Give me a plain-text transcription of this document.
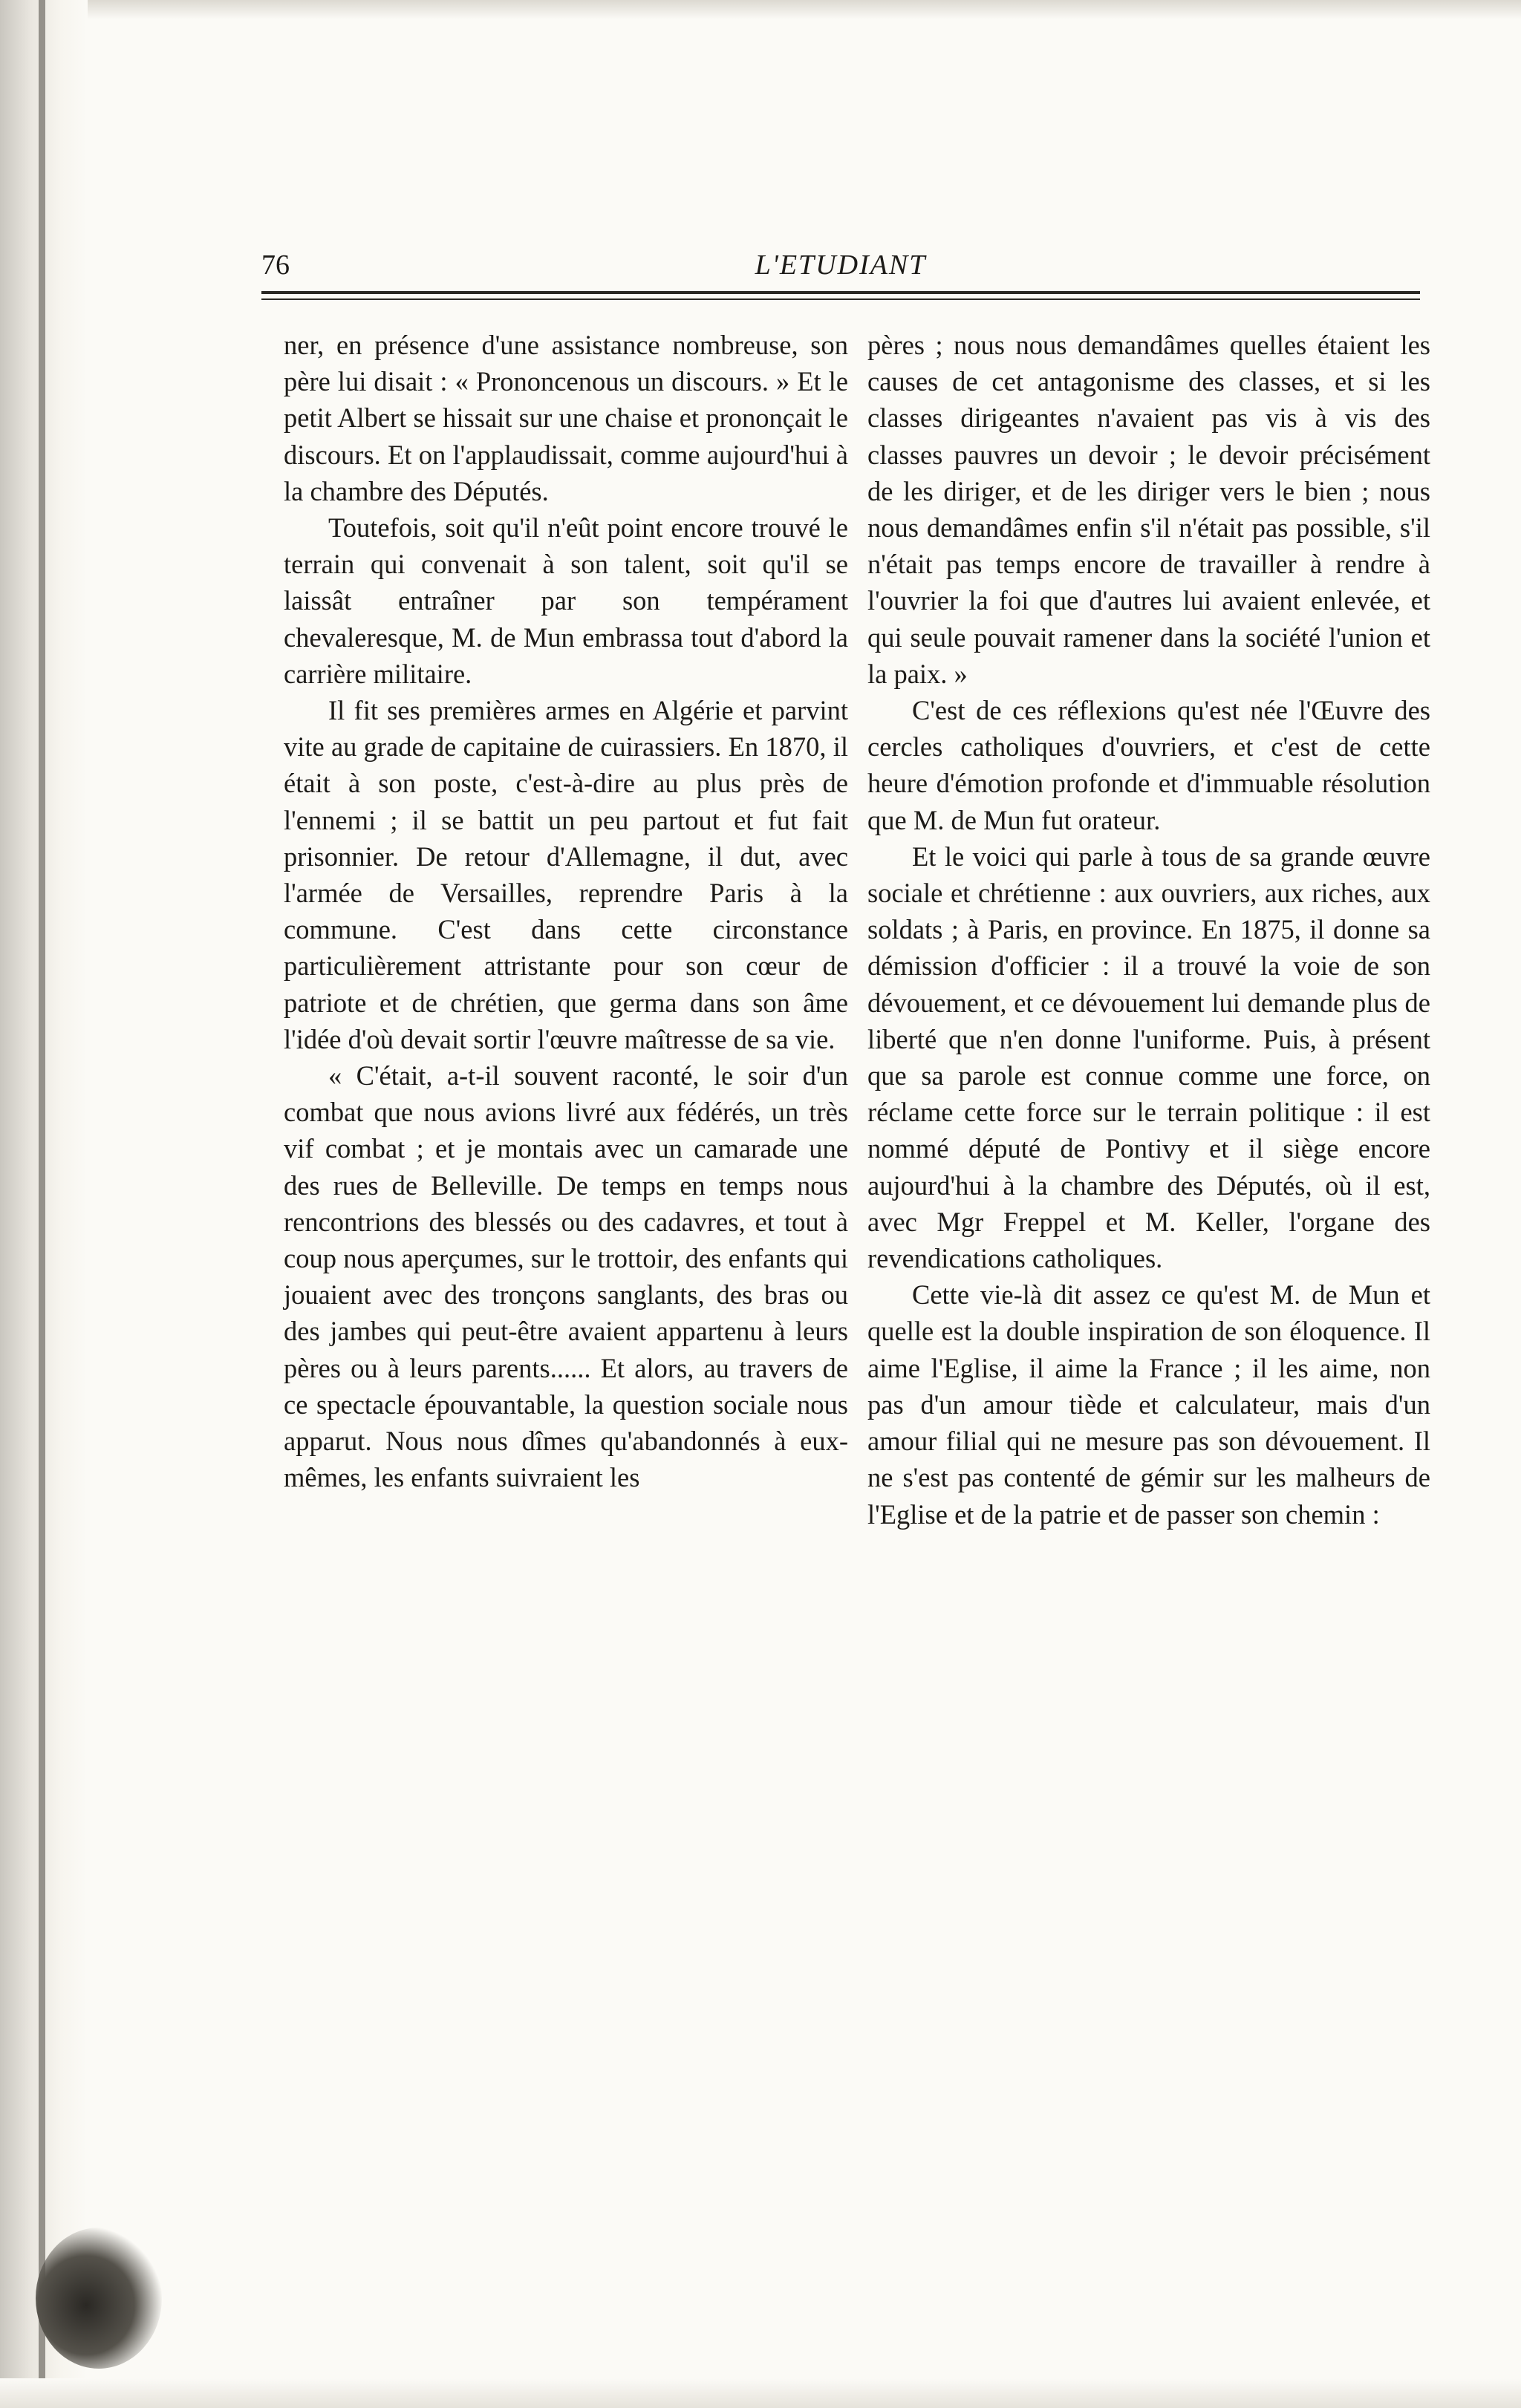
76	L'ETUDIANT

ner, en présence d'une assistance nombreuse, son père lui disait : « Prononcenous un discours. » Et le petit Albert se hissait sur une chaise et prononçait le discours. Et on l'applaudissait, comme aujourd'hui à la chambre des Députés.

Toutefois, soit qu'il n'eût point encore trouvé le terrain qui convenait à son talent, soit qu'il se laissât entraîner par son tempérament chevaleresque, M. de Mun embrassa tout d'abord la carrière militaire.

Il fit ses premières armes en Algérie et parvint vite au grade de capitaine de cuirassiers. En 1870, il était à son poste, c'est-à-dire au plus près de l'ennemi ; il se battit un peu partout et fut fait prisonnier. De retour d'Allemagne, il dut, avec l'armée de Versailles, reprendre Paris à la commune. C'est dans cette circonstance particulièrement attristante pour son cœur de patriote et de chrétien, que germa dans son âme l'idée d'où devait sortir l'œuvre maîtresse de sa vie.

« C'était, a-t-il souvent raconté, le soir d'un combat que nous avions livré aux fédérés, un très vif combat ; et je montais avec un camarade une des rues de Belleville. De temps en temps nous rencontrions des blessés ou des cadavres, et tout à coup nous aperçumes, sur le trottoir, des enfants qui jouaient avec des tronçons sanglants, des bras ou des jambes qui peut-être avaient appartenu à leurs pères ou à leurs parents...... Et alors, au travers de ce spectacle épouvantable, la question sociale nous apparut. Nous nous dîmes qu'abandonnés à eux-mêmes, les enfants suivraient les

pères ; nous nous demandâmes quelles étaient les causes de cet antagonisme des classes, et si les classes dirigeantes n'avaient pas vis à vis des classes pauvres un devoir ; le devoir précisément de les diriger, et de les diriger vers le bien ; nous nous demandâmes enfin s'il n'était pas possible, s'il n'était pas temps encore de travailler à rendre à l'ouvrier la foi que d'autres lui avaient enlevée, et qui seule pouvait ramener dans la société l'union et la paix. »

C'est de ces réflexions qu'est née l'Œuvre des cercles catholiques d'ouvriers, et c'est de cette heure d'émotion profonde et d'immuable résolution que M. de Mun fut orateur.

Et le voici qui parle à tous de sa grande œuvre sociale et chrétienne : aux ouvriers, aux riches, aux soldats ; à Paris, en province. En 1875, il donne sa démission d'officier : il a trouvé la voie de son dévouement, et ce dévouement lui demande plus de liberté que n'en donne l'uniforme. Puis, à présent que sa parole est connue comme une force, on réclame cette force sur le terrain politique : il est nommé député de Pontivy et il siège encore aujourd'hui à la chambre des Députés, où il est, avec Mgr Freppel et M. Keller, l'organe des revendications catholiques.

Cette vie-là dit assez ce qu'est M. de Mun et quelle est la double inspiration de son éloquence. Il aime l'Eglise, il aime la France ; il les aime, non pas d'un amour tiède et calculateur, mais d'un amour filial qui ne mesure pas son dévouement. Il ne s'est pas contenté de gémir sur les malheurs de l'Eglise et de la patrie et de passer son chemin :
